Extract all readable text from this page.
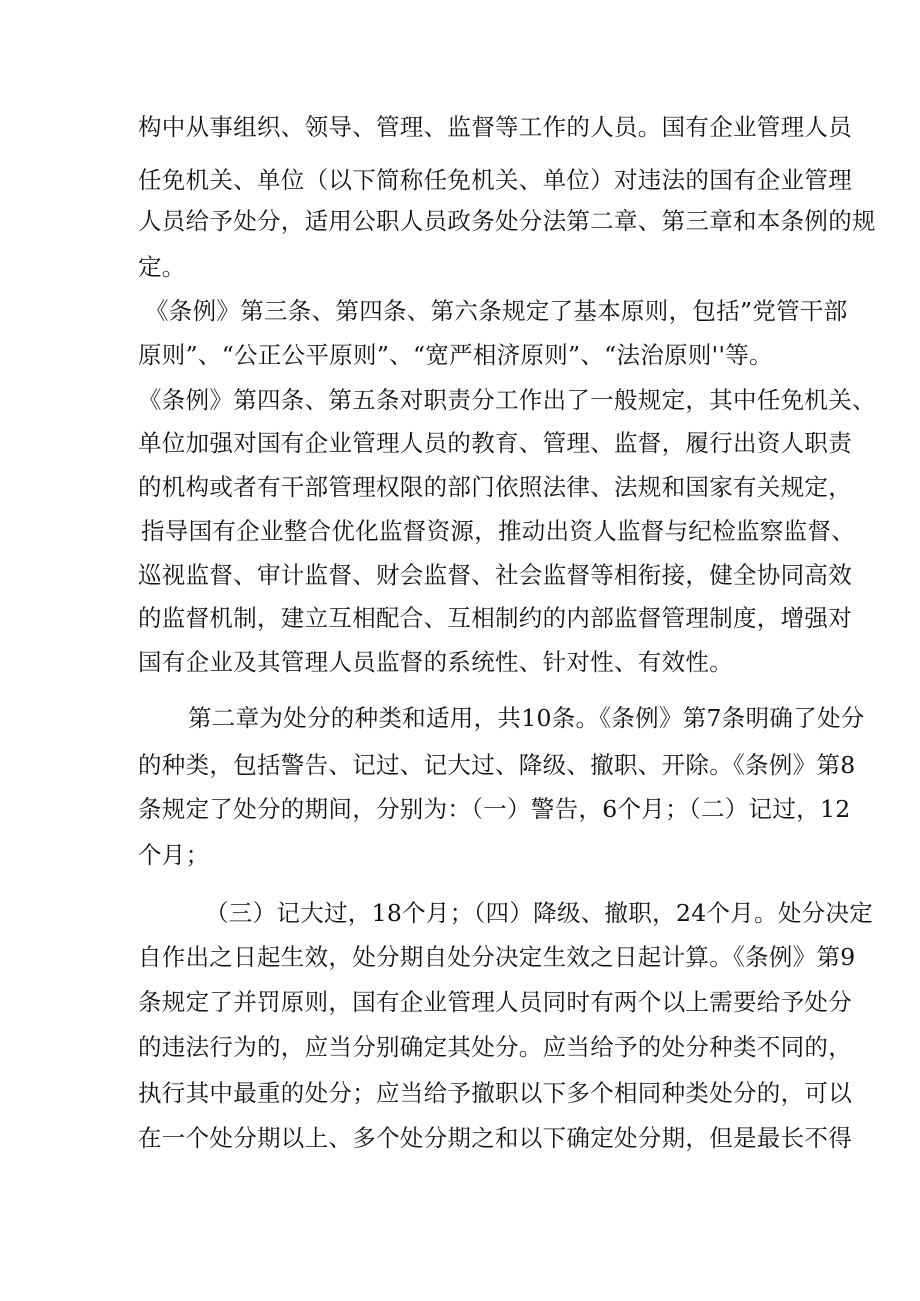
构中从事组织、领导、管理、监督等工作的人员。国有企业管理人员
任免机关、单位（以下简称任免机关、单位）对违法的国有企业管理
人员给予处分，适用公职人员政务处分法第二章、第三章和本条例的规
定。
《条例》第三条、第四条、第六条规定了基本原则，包括”党管干部
原则”、“公正公平原则”、“宽严相济原则”、“法治原则''等。
《条例》第四条、第五条对职责分工作出了一般规定，其中任免机关、
单位加强对国有企业管理人员的教育、管理、监督，履行出资人职责
的机构或者有干部管理权限的部门依照法律、法规和国家有关规定，
指导国有企业整合优化监督资源，推动出资人监督与纪检监察监督、
巡视监督、审计监督、财会监督、社会监督等相衔接，健全协同高效
的监督机制，建立互相配合、互相制约的内部监督管理制度，增强对
国有企业及其管理人员监督的系统性、针对性、有效性。
第二章为处分的种类和适用，共10条。《条例》第7条明确了处分
的种类，包括警告、记过、记大过、降级、撤职、开除。《条例》第8
条规定了处分的期间，分别为：（一）警告，6个月；（二）记过，12
个月；
（三）记大过，18个月；（四）降级、撤职，24个月。处分决定
自作出之日起生效，处分期自处分决定生效之日起计算。《条例》第9
条规定了并罚原则，国有企业管理人员同时有两个以上需要给予处分
的违法行为的，应当分别确定其处分。应当给予的处分种类不同的，
执行其中最重的处分；应当给予撤职以下多个相同种类处分的，可以
在一个处分期以上、多个处分期之和以下确定处分期，但是最长不得
